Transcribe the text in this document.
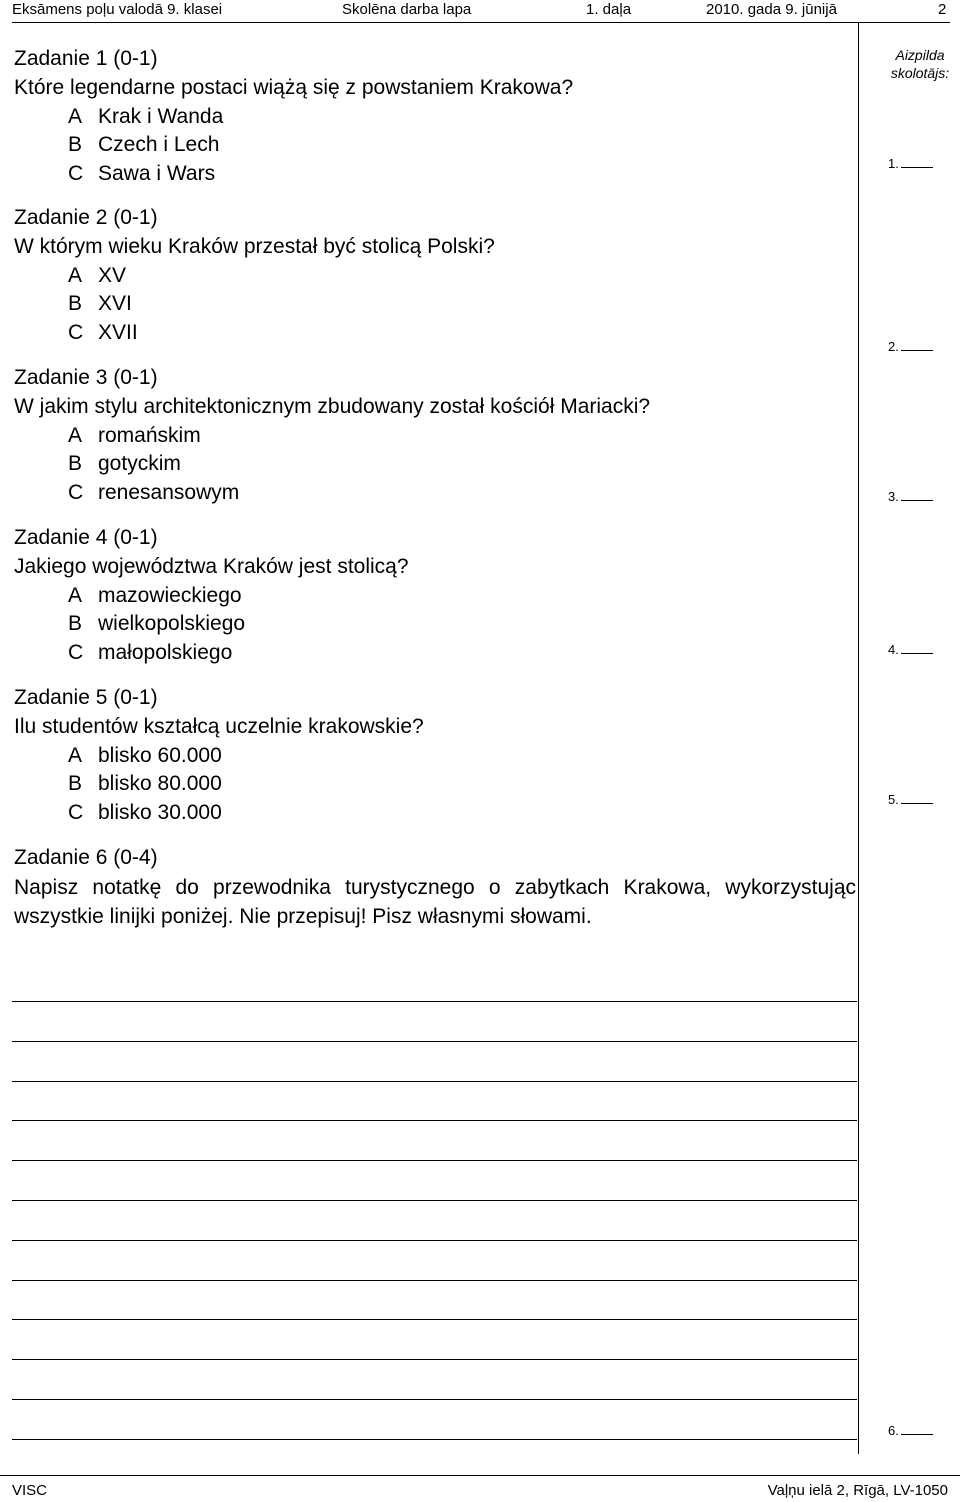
Eksāmens poļu valodā 9. klasei	Skolēna darba lapa	1. daļa	2010. gada 9. jūnijā	2
Aizpilda
skolotājs:
1.
2.
3.
4.
5.
6.
Zadanie 1 (0-1)
Które legendarne postaci wiążą się z powstaniem Krakowa?
A Krak i Wanda
B Czech i Lech
C Sawa i Wars
Zadanie 2 (0-1)
W którym wieku Kraków przestał być stolicą Polski?
A XV
B XVI
C XVII
Zadanie 3 (0-1)
W jakim stylu architektonicznym zbudowany został kościół Mariacki?
A romańskim
B gotyckim
C renesansowym
Zadanie 4 (0-1)
Jakiego województwa Kraków jest stolicą?
A mazowieckiego
B wielkopolskiego
C małopolskiego
Zadanie 5 (0-1)
Ilu studentów kształcą uczelnie krakowskie?
A blisko 60.000
B blisko 80.000
C blisko 30.000
Zadanie 6 (0-4)
Napisz notatkę do przewodnika turystycznego o zabytkach Krakowa, wykorzystując wszystkie linijki poniżej. Nie przepisuj! Pisz własnymi słowami.
VISC	Vaļņu ielā 2, Rīgā, LV-1050
